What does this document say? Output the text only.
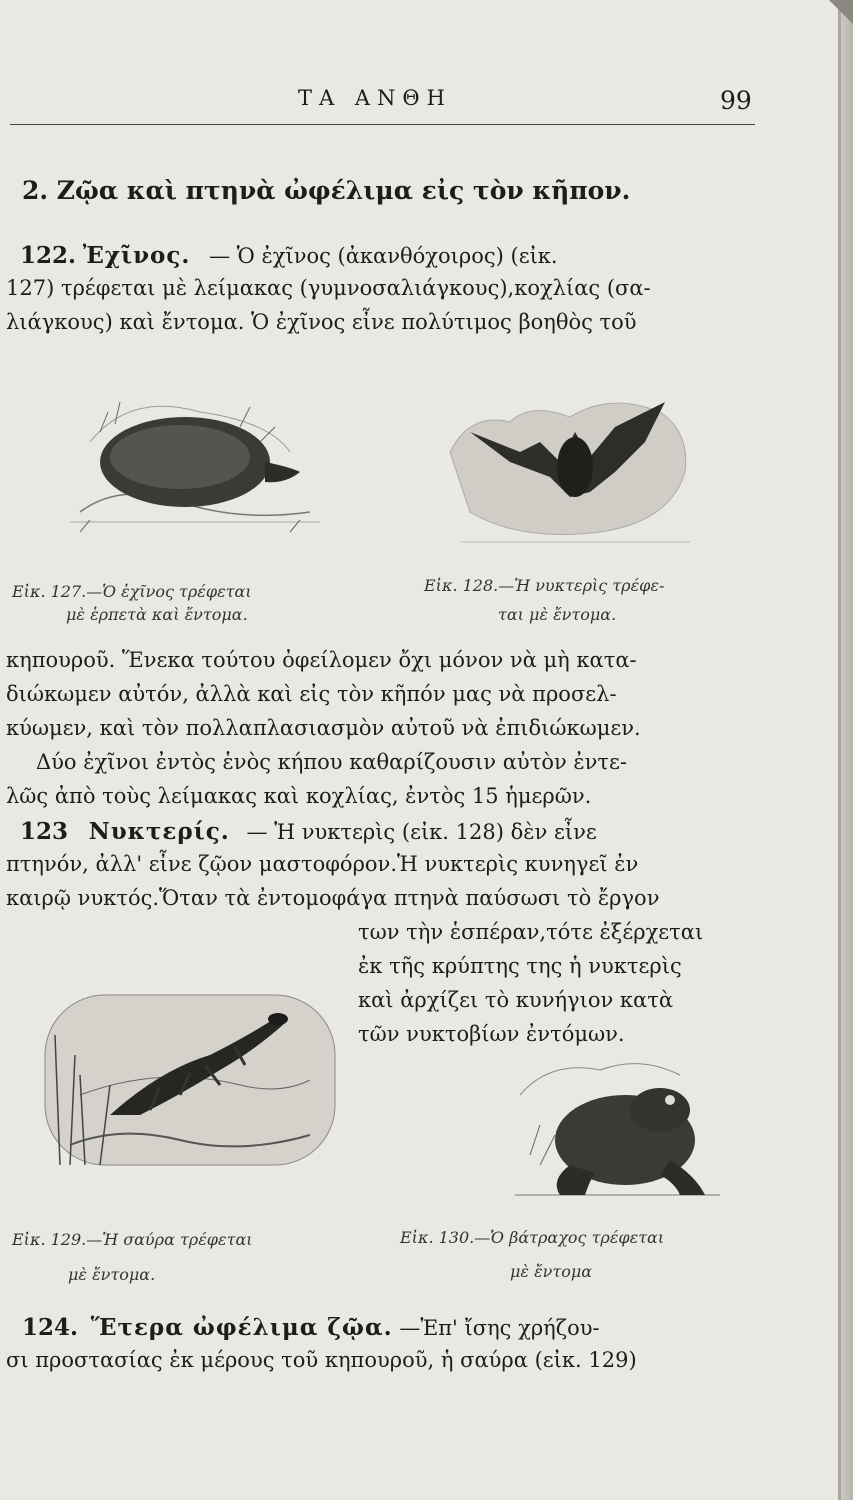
ΤΑ ΑΝΘΗ	99
2. Ζῷα καὶ πτηνὰ ὠφέλιμα εἰς τὸν κῆπον.
122. Ἐχῖνος. — Ὁ ἐχῖνος (ἀκανθόχοιρος) (εἰκ.
127) τρέφεται μὲ λείμακας (γυμνοσαλιάγκους),κοχλίας (σα-
λιάγκους) καὶ ἔντομα. Ὁ ἐχῖνος εἶνε πολύτιμος βοηθὸς τοῦ
Εἰκ. 127.—Ὁ ἐχῖνος τρέφεται
μὲ ἑρπετὰ καὶ ἔντομα.
Εἰκ. 128.—Ἡ νυκτερὶς τρέφε-
ται μὲ ἔντομα.
κηπουροῦ. Ἕνεκα τούτου ὀφείλομεν ὄχι μόνον νὰ μὴ κατα-
διώκωμεν αὐτόν, ἀλλὰ καὶ εἰς τὸν κῆπόν μας νὰ προσελ-
κύωμεν, καὶ τὸν πολλαπλασιασμὸν αὐτοῦ νὰ ἐπιδιώκωμεν.
Δύο ἐχῖνοι ἐντὸς ἑνὸς κήπου καθαρίζουσιν αὐτὸν ἐντε-
λῶς ἀπὸ τοὺς λείμακας καὶ κοχλίας, ἐντὸς 15 ἡμερῶν.
123 Νυκτερίς. — Ἡ νυκτερὶς (εἰκ. 128) δὲν εἶνε
πτηνόν, ἀλλ' εἶνε ζῷον μαστοφόρον.Ἡ νυκτερὶς κυνηγεῖ ἐν
καιρῷ νυκτός.Ὅταν τὰ ἐντομοφάγα πτηνὰ παύσωσι τὸ ἔργον
των τὴν ἑσπέραν,τότε ἐξέρχεται
ἐκ τῆς κρύπτης της ἡ νυκτερὶς
καὶ ἀρχίζει τὸ κυνήγιον κατὰ
τῶν νυκτοβίων ἐντόμων.
Εἰκ. 129.—Ἡ σαύρα τρέφεται
μὲ ἔντομα.
Εἰκ. 130.—Ὁ βάτραχος τρέφεται
μὲ ἔντομα
124. Ἕτερα ὠφέλιμα ζῷα. —Ἐπ' ἴσης χρήζου-
σι προστασίας ἐκ μέρους τοῦ κηπουροῦ, ἡ σαύρα (εἰκ. 129)
